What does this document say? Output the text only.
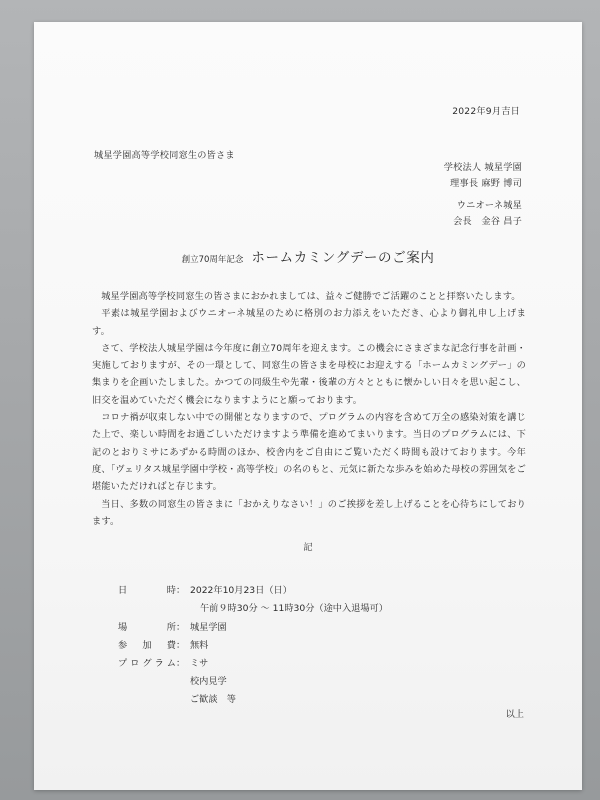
2022年9月吉日
城星学園高等学校同窓生の皆さま
学校法人 城星学園
理事長 麻野 博司
ウニオーネ城星
会長　金谷 昌子
創立70周年記念 ホームカミングデーのご案内

城星学園高等学校同窓生の皆さまにおかれましては、益々ご健勝でご活躍のことと拝察いたします。

平素は城星学園およびウニオーネ城星のために格別のお力添えをいただき、心より御礼申し上げます。

さて、学校法人城星学園は今年度に創立70周年を迎えます。この機会にさまざまな記念行事を計画・実施しておりますが、その一環として、同窓生の皆さまを母校にお迎えする「ホームカミングデー」の集まりを企画いたしました。かつての同級生や先輩・後輩の方々とともに懐かしい日々を思い起こし、旧交を温めていただく機会になりますようにと願っております。

コロナ禍が収束しない中での開催となりますので、プログラムの内容を含めて万全の感染対策を講じた上で、楽しい時間をお過ごしいただけますよう準備を進めてまいります。当日のプログラムには、下記のとおりミサにあずかる時間のほか、校舎内をご自由にご覧いただく時間も設けております。今年度、「ヴェリタス城星学園中学校・高等学校」の名のもと、元気に新たな歩みを始めた母校の雰囲気をご堪能いただければと存じます。

当日、多数の同窓生の皆さまに「おかえりなさい！」のご挨拶を差し上げることを心待ちにしております。

記
日 時 ： 2022年10月23日（日）
午前９時30分 ～ 11時30分（途中入退場可）
場 所 ： 城星学園
参加費 ： 無料
プログラム ： ミサ
校内見学
ご歓談　等
以上
